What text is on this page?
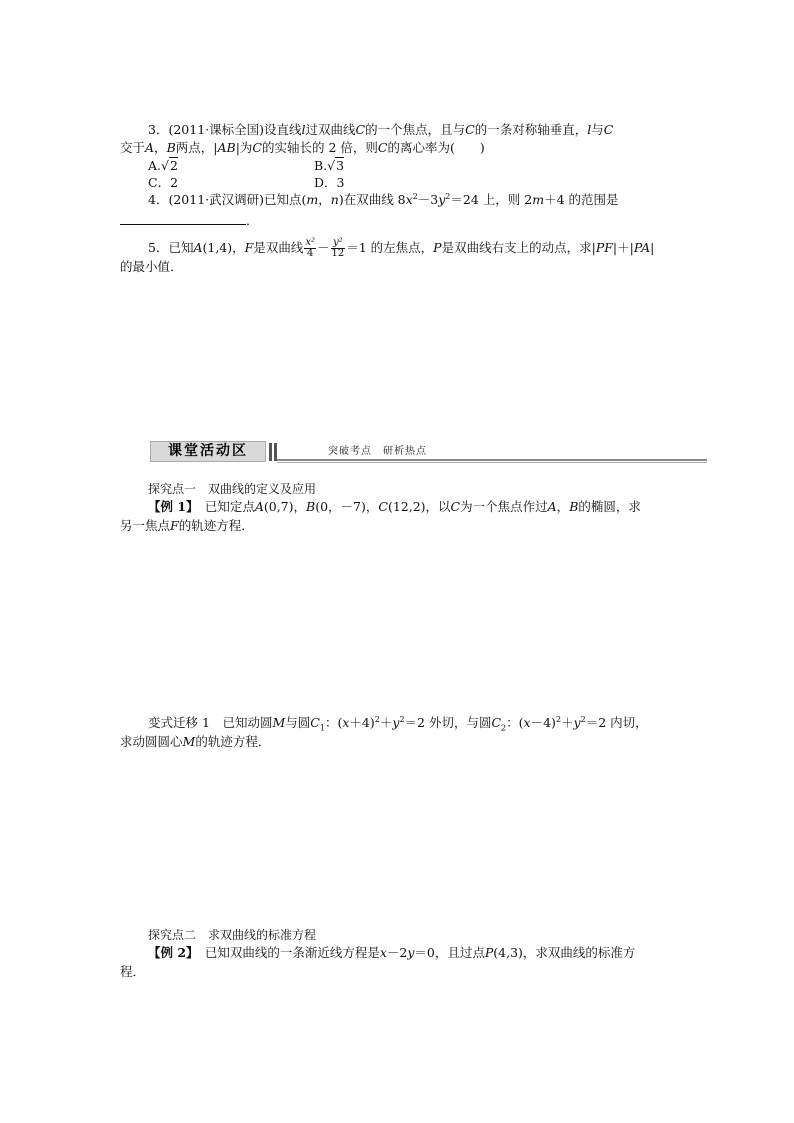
3．(2011·课标全国)设直线l过双曲线C的一个焦点，且与C的一条对称轴垂直，l与C
交于A，B两点，|AB|为C的实轴长的 2 倍，则C的离心率为(　　)
A.√2	B.√3
C．2	D．3
4．(2011·武汉调研)已知点(m，n)在双曲线 $8x^2-3y^2=24$ 上，则 2m＋4 的范围是
．
5．已知A(1,4)，F是双曲线 $\frac{\text{x²}}{4} - \frac{\text{y²}}{12} =1$ 的左焦点，P是双曲线右支上的动点，求|PF|＋|PA|
的最小值．
课堂活动区	突破考点　研析热点
探究点一　双曲线的定义及应用
【例 1】　 已知定点A(0,7)，B(0，－7)，C(12,2)，以C为一个焦点作过A，B的椭圆，求
另一焦点F的轨迹方程．
变式迁移 1　 已知动圆M与圆$C_1$：$(x+4)^2+y^2=2$ 外切，与圆$C_2$：$(x-4)^2+y^2=2$ 内切，
求动圆圆心M的轨迹方程．
探究点二　求双曲线的标准方程
【例 2】　 已知双曲线的一条渐近线方程是x－2y＝0，且过点P(4,3)，求双曲线的标准方
程．
